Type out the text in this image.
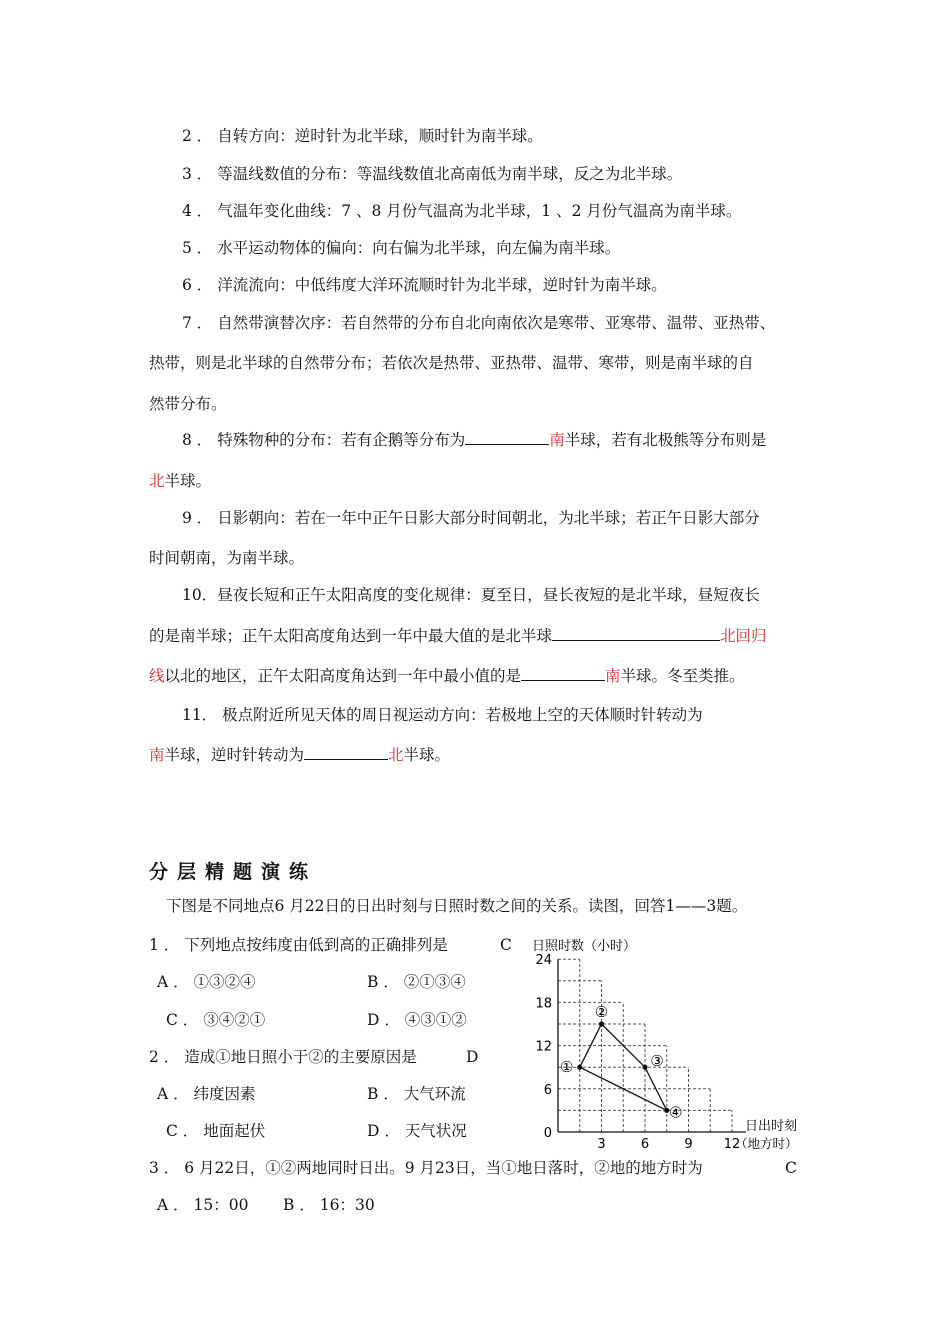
2 ． 自转方向：逆时针为北半球，顺时针为南半球。
3 ． 等温线数值的分布：等温线数值北高南低为南半球，反之为北半球。
4 ． 气温年变化曲线：7 、8 月份气温高为北半球，1 、2 月份气温高为南半球。
5 ． 水平运动物体的偏向：向右偏为北半球，向左偏为南半球。
6 ． 洋流流向：中低纬度大洋环流顺时针为北半球，逆时针为南半球。
7 ． 自然带演替次序：若自然带的分布自北向南依次是寒带、亚寒带、温带、亚热带、
热带，则是北半球的自然带分布；若依次是热带、亚热带、温带、寒带，则是南半球的自
然带分布。
8 ． 特殊物种的分布：若有企鹅等分布为	南半球，若有北极熊等分布则是
北半球。
9 ． 日影朝向：若在一年中正午日影大部分时间朝北，为北半球；若正午日影大部分
时间朝南，为南半球。
10．昼夜长短和正午太阳高度的变化规律：夏至日，昼长夜短的是北半球，昼短夜长
的是南半球；正午太阳高度角达到一年中最大值的是北半球	北回归
线以北的地区，正午太阳高度角达到一年中最小值的是	南半球。冬至类推。
11． 极点附近所见天体的周日视运动方向：若极地上空的天体顺时针转动为
南半球，逆时针转动为	北半球。
分层精题演练
下图是不同地点6 月22日的日出时刻与日照时数之间的关系。读图，回答1——3题。
1 ． 下列地点按纬度由低到高的正确排列是	C
A ． ①③②④	B ． ②①③④
C ． ③④②①	D ． ④③①②
2 ． 造成①地日照小于②的主要原因是	D
A ． 纬度因素	B ． 大气环流
C ． 地面起伏	D ． 天气状况
3 ． 6 月22日，①②两地同时日出。9 月23日，当①地日落时，②地的地方时为	C
A ． 15：00 B ． 16：30
3	6	9 12
0
6
12
18
24
①
②
③
④
日照时数（小时）
日出时刻
（地方时）
